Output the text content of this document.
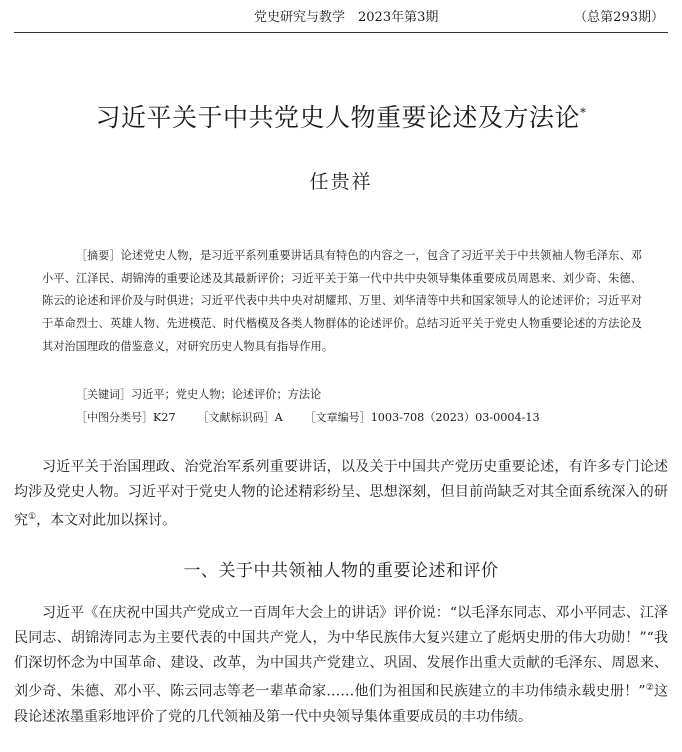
党史研究与教学　2023年第3期	（总第293期）
习近平关于中共党史人物重要论述及方法论*
任贵祥
［摘要］论述党史人物，是习近平系列重要讲话具有特色的内容之一，包含了习近平关于中共领袖人物毛泽东、邓小平、江泽民、胡锦涛的重要论述及其最新评价；习近平关于第一代中共中央领导集体重要成员周恩来、刘少奇、朱德、陈云的论述和评价及与时俱进；习近平代表中共中央对胡耀邦、万里、刘华清等中共和国家领导人的论述评价；习近平对于革命烈士、英雄人物、先进模范、时代楷模及各类人物群体的论述评价。总结习近平关于党史人物重要论述的方法论及其对治国理政的借鉴意义，对研究历史人物具有指导作用。
［关键词］习近平；党史人物；论述评价；方法论
［中图分类号］K27 ［文献标识码］A ［文章编号］1003-708（2023）03-0004-13
习近平关于治国理政、治党治军系列重要讲话，以及关于中国共产党历史重要论述，有许多专门论述均涉及党史人物。习近平对于党史人物的论述精彩纷呈、思想深刻，但目前尚缺乏对其全面系统深入的研究①，本文对此加以探讨。
一、关于中共领袖人物的重要论述和评价
习近平《在庆祝中国共产党成立一百周年大会上的讲话》评价说：“以毛泽东同志、邓小平同志、江泽民同志、胡锦涛同志为主要代表的中国共产党人，为中华民族伟大复兴建立了彪炳史册的伟大功勋！”“我们深切怀念为中国革命、建设、改革，为中国共产党建立、巩固、发展作出重大贡献的毛泽东、周恩来、刘少奇、朱德、邓小平、陈云同志等老一辈革命家……他们为祖国和民族建立的丰功伟绩永载史册！”②这段论述浓墨重彩地评价了党的几代领袖及第一代中央领导集体重要成员的丰功伟绩。
